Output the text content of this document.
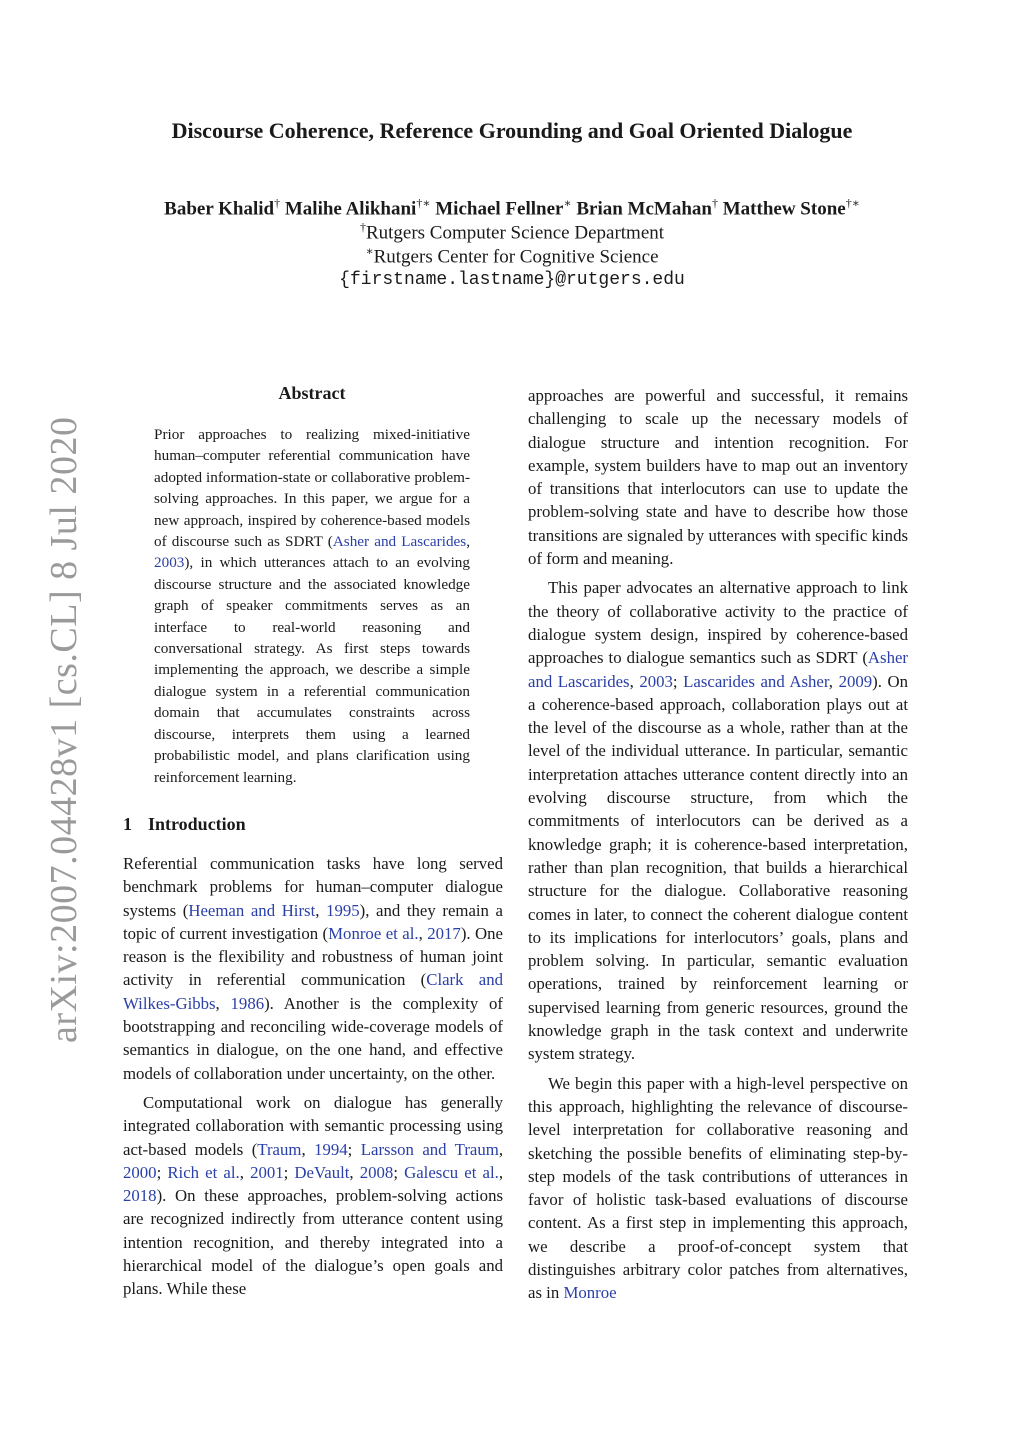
Discourse Coherence, Reference Grounding and Goal Oriented Dialogue
Baber Khalid† Malihe Alikhani†∗ Michael Fellner∗ Brian McMahan† Matthew Stone†∗
†Rutgers Computer Science Department
∗Rutgers Center for Cognitive Science
{firstname.lastname}@rutgers.edu
arXiv:2007.04428v1 [cs.CL] 8 Jul 2020
Abstract

Prior approaches to realizing mixed-initiative human–computer referential communication have adopted information-state or collaborative problem-solving approaches. In this paper, we argue for a new approach, inspired by coherence-based models of discourse such as SDRT (Asher and Lascarides, 2003), in which utterances attach to an evolving discourse structure and the associated knowledge graph of speaker commitments serves as an interface to real-world reasoning and conversational strategy. As first steps towards implementing the approach, we describe a simple dialogue system in a referential communication domain that accumulates constraints across discourse, interprets them using a learned probabilistic model, and plans clarification using reinforcement learning.

1 Introduction

Referential communication tasks have long served benchmark problems for human–computer dialogue systems (Heeman and Hirst, 1995), and they remain a topic of current investigation (Monroe et al., 2017). One reason is the flexibility and robustness of human joint activity in referential communication (Clark and Wilkes-Gibbs, 1986). Another is the complexity of bootstrapping and reconciling wide-coverage models of semantics in dialogue, on the one hand, and effective models of collaboration under uncertainty, on the other.

Computational work on dialogue has generally integrated collaboration with semantic processing using act-based models (Traum, 1994; Larsson and Traum, 2000; Rich et al., 2001; DeVault, 2008; Galescu et al., 2018). On these approaches, problem-solving actions are recognized indirectly from utterance content using intention recognition, and thereby integrated into a hierarchical model of the dialogue’s open goals and plans. While these

approaches are powerful and successful, it remains challenging to scale up the necessary models of dialogue structure and intention recognition. For example, system builders have to map out an inventory of transitions that interlocutors can use to update the problem-solving state and have to describe how those transitions are signaled by utterances with specific kinds of form and meaning.

This paper advocates an alternative approach to link the theory of collaborative activity to the practice of dialogue system design, inspired by coherence-based approaches to dialogue semantics such as SDRT (Asher and Lascarides, 2003; Lascarides and Asher, 2009). On a coherence-based approach, collaboration plays out at the level of the discourse as a whole, rather than at the level of the individual utterance. In particular, semantic interpretation attaches utterance content directly into an evolving discourse structure, from which the commitments of interlocutors can be derived as a knowledge graph; it is coherence-based interpretation, rather than plan recognition, that builds a hierarchical structure for the dialogue. Collaborative reasoning comes in later, to connect the coherent dialogue content to its implications for interlocutors’ goals, plans and problem solving. In particular, semantic evaluation operations, trained by reinforcement learning or supervised learning from generic resources, ground the knowledge graph in the task context and underwrite system strategy.

We begin this paper with a high-level perspective on this approach, highlighting the relevance of discourse-level interpretation for collaborative reasoning and sketching the possible benefits of eliminating step-by-step models of the task contributions of utterances in favor of holistic task-based evaluations of discourse content. As a first step in implementing this approach, we describe a proof-of-concept system that distinguishes arbitrary color patches from alternatives, as in Monroe
